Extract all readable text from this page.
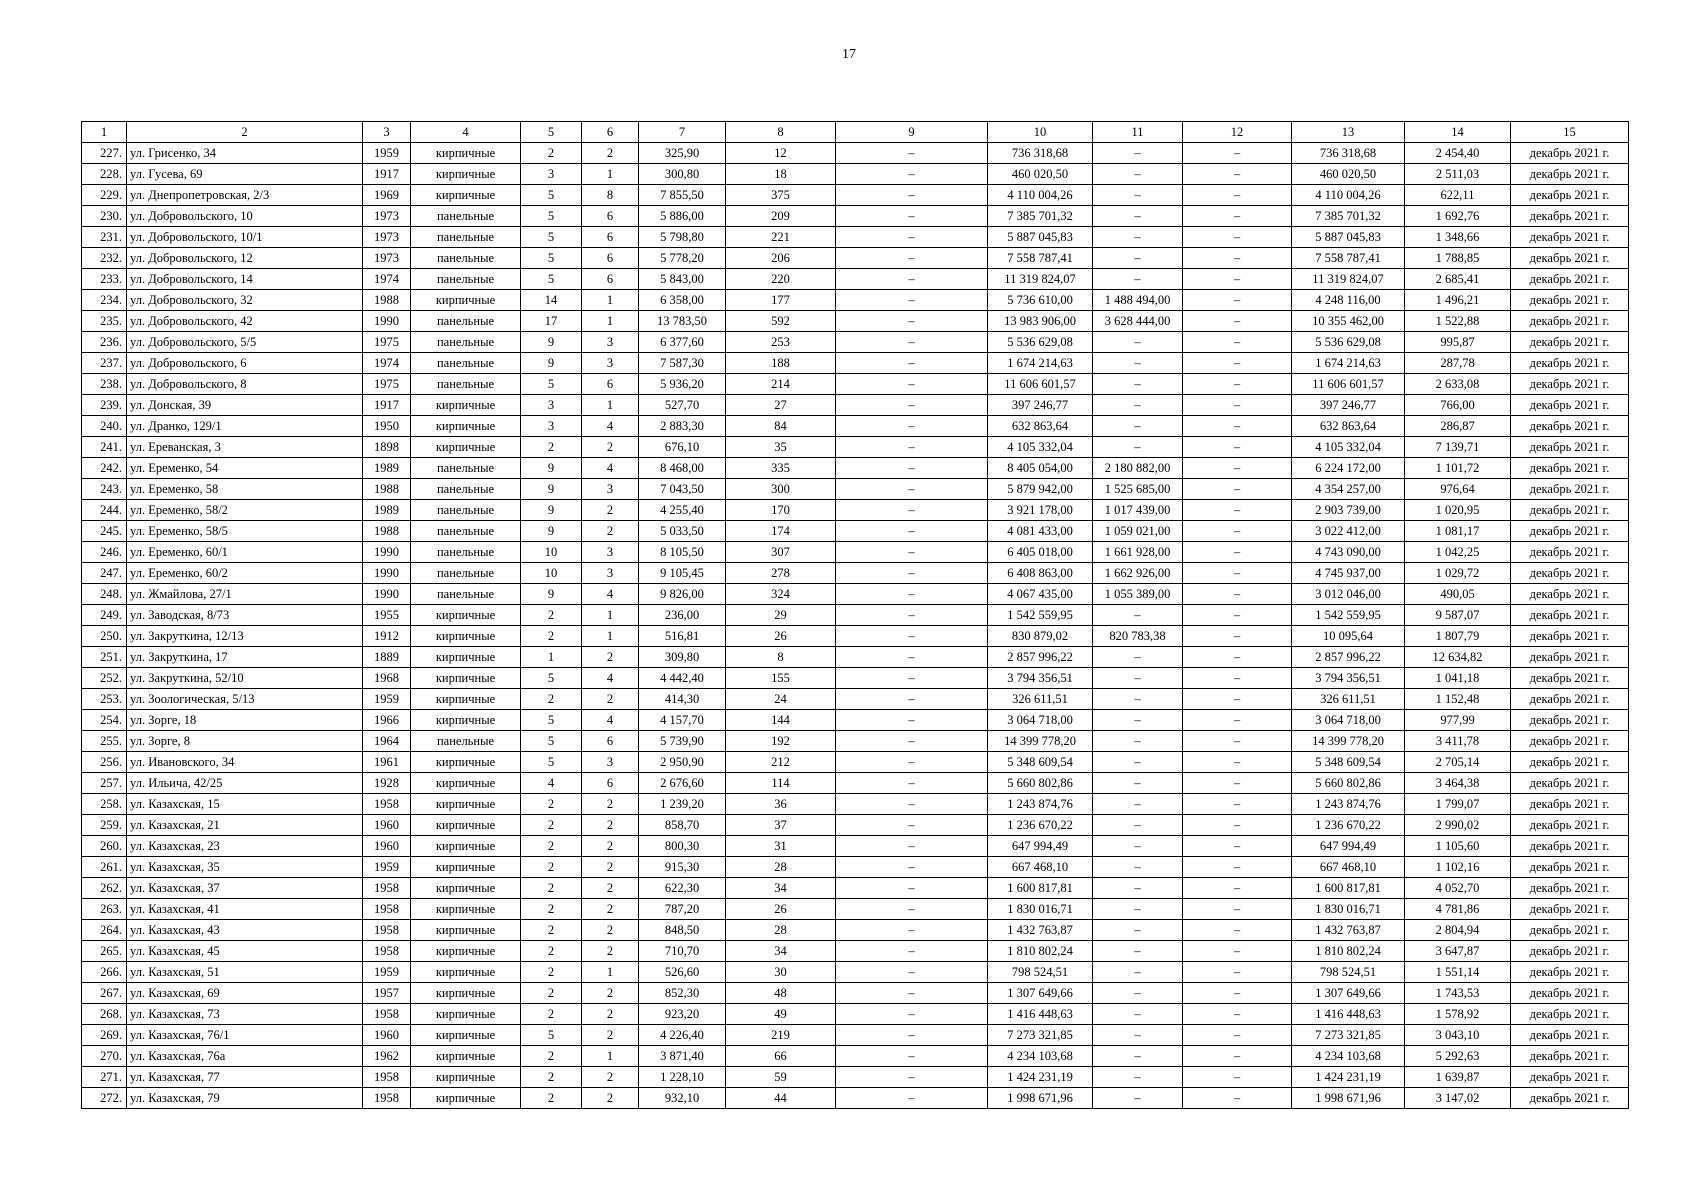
17
1	2	3	4	5	6	7	8	9	10	11	12	13	14	15
227.	ул. Грисенко, 34	1959	кирпичные	2	2	325,90	12	–	736 318,68	–	–	736 318,68	2 454,40	декабрь 2021 г.
228.	ул. Гусева, 69	1917	кирпичные	3	1	300,80	18	–	460 020,50	–	–	460 020,50	2 511,03	декабрь 2021 г.
229.	ул. Днепропетровская, 2/3	1969	кирпичные	5	8	7 855,50	375	–	4 110 004,26	–	–	4 110 004,26	622,11	декабрь 2021 г.
230.	ул. Добровольского, 10	1973	панельные	5	6	5 886,00	209	–	7 385 701,32	–	–	7 385 701,32	1 692,76	декабрь 2021 г.
231.	ул. Добровольского, 10/1	1973	панельные	5	6	5 798,80	221	–	5 887 045,83	–	–	5 887 045,83	1 348,66	декабрь 2021 г.
232.	ул. Добровольского, 12	1973	панельные	5	6	5 778,20	206	–	7 558 787,41	–	–	7 558 787,41	1 788,85	декабрь 2021 г.
233.	ул. Добровольского, 14	1974	панельные	5	6	5 843,00	220	–	11 319 824,07	–	–	11 319 824,07	2 685,41	декабрь 2021 г.
234.	ул. Добровольского, 32	1988	кирпичные	14	1	6 358,00	177	–	5 736 610,00	1 488 494,00	–	4 248 116,00	1 496,21	декабрь 2021 г.
235.	ул. Добровольского, 42	1990	панельные	17	1	13 783,50	592	–	13 983 906,00	3 628 444,00	–	10 355 462,00	1 522,88	декабрь 2021 г.
236.	ул. Добровольского, 5/5	1975	панельные	9	3	6 377,60	253	–	5 536 629,08	–	–	5 536 629,08	995,87	декабрь 2021 г.
237.	ул. Добровольского, 6	1974	панельные	9	3	7 587,30	188	–	1 674 214,63	–	–	1 674 214,63	287,78	декабрь 2021 г.
238.	ул. Добровольского, 8	1975	панельные	5	6	5 936,20	214	–	11 606 601,57	–	–	11 606 601,57	2 633,08	декабрь 2021 г.
239.	ул. Донская, 39	1917	кирпичные	3	1	527,70	27	–	397 246,77	–	–	397 246,77	766,00	декабрь 2021 г.
240.	ул. Дранко, 129/1	1950	кирпичные	3	4	2 883,30	84	–	632 863,64	–	–	632 863,64	286,87	декабрь 2021 г.
241.	ул. Ереванская, 3	1898	кирпичные	2	2	676,10	35	–	4 105 332,04	–	–	4 105 332,04	7 139,71	декабрь 2021 г.
242.	ул. Еременко, 54	1989	панельные	9	4	8 468,00	335	–	8 405 054,00	2 180 882,00	–	6 224 172,00	1 101,72	декабрь 2021 г.
243.	ул. Еременко, 58	1988	панельные	9	3	7 043,50	300	–	5 879 942,00	1 525 685,00	–	4 354 257,00	976,64	декабрь 2021 г.
244.	ул. Еременко, 58/2	1989	панельные	9	2	4 255,40	170	–	3 921 178,00	1 017 439,00	–	2 903 739,00	1 020,95	декабрь 2021 г.
245.	ул. Еременко, 58/5	1988	панельные	9	2	5 033,50	174	–	4 081 433,00	1 059 021,00	–	3 022 412,00	1 081,17	декабрь 2021 г.
246.	ул. Еременко, 60/1	1990	панельные	10	3	8 105,50	307	–	6 405 018,00	1 661 928,00	–	4 743 090,00	1 042,25	декабрь 2021 г.
247.	ул. Еременко, 60/2	1990	панельные	10	3	9 105,45	278	–	6 408 863,00	1 662 926,00	–	4 745 937,00	1 029,72	декабрь 2021 г.
248.	ул. Жмайлова, 27/1	1990	панельные	9	4	9 826,00	324	–	4 067 435,00	1 055 389,00	–	3 012 046,00	490,05	декабрь 2021 г.
249.	ул. Заводская, 8/73	1955	кирпичные	2	1	236,00	29	–	1 542 559,95	–	–	1 542 559,95	9 587,07	декабрь 2021 г.
250.	ул. Закруткина, 12/13	1912	кирпичные	2	1	516,81	26	–	830 879,02	820 783,38	–	10 095,64	1 807,79	декабрь 2021 г.
251.	ул. Закруткина, 17	1889	кирпичные	1	2	309,80	8	–	2 857 996,22	–	–	2 857 996,22	12 634,82	декабрь 2021 г.
252.	ул. Закруткина, 52/10	1968	кирпичные	5	4	4 442,40	155	–	3 794 356,51	–	–	3 794 356,51	1 041,18	декабрь 2021 г.
253.	ул. Зоологическая, 5/13	1959	кирпичные	2	2	414,30	24	–	326 611,51	–	–	326 611,51	1 152,48	декабрь 2021 г.
254.	ул. Зорге, 18	1966	кирпичные	5	4	4 157,70	144	–	3 064 718,00	–	–	3 064 718,00	977,99	декабрь 2021 г.
255.	ул. Зорге, 8	1964	панельные	5	6	5 739,90	192	–	14 399 778,20	–	–	14 399 778,20	3 411,78	декабрь 2021 г.
256.	ул. Ивановского, 34	1961	кирпичные	5	3	2 950,90	212	–	5 348 609,54	–	–	5 348 609,54	2 705,14	декабрь 2021 г.
257.	ул. Ильича, 42/25	1928	кирпичные	4	6	2 676,60	114	–	5 660 802,86	–	–	5 660 802,86	3 464,38	декабрь 2021 г.
258.	ул. Казахская, 15	1958	кирпичные	2	2	1 239,20	36	–	1 243 874,76	–	–	1 243 874,76	1 799,07	декабрь 2021 г.
259.	ул. Казахская, 21	1960	кирпичные	2	2	858,70	37	–	1 236 670,22	–	–	1 236 670,22	2 990,02	декабрь 2021 г.
260.	ул. Казахская, 23	1960	кирпичные	2	2	800,30	31	–	647 994,49	–	–	647 994,49	1 105,60	декабрь 2021 г.
261.	ул. Казахская, 35	1959	кирпичные	2	2	915,30	28	–	667 468,10	–	–	667 468,10	1 102,16	декабрь 2021 г.
262.	ул. Казахская, 37	1958	кирпичные	2	2	622,30	34	–	1 600 817,81	–	–	1 600 817,81	4 052,70	декабрь 2021 г.
263.	ул. Казахская, 41	1958	кирпичные	2	2	787,20	26	–	1 830 016,71	–	–	1 830 016,71	4 781,86	декабрь 2021 г.
264.	ул. Казахская, 43	1958	кирпичные	2	2	848,50	28	–	1 432 763,87	–	–	1 432 763,87	2 804,94	декабрь 2021 г.
265.	ул. Казахская, 45	1958	кирпичные	2	2	710,70	34	–	1 810 802,24	–	–	1 810 802,24	3 647,87	декабрь 2021 г.
266.	ул. Казахская, 51	1959	кирпичные	2	1	526,60	30	–	798 524,51	–	–	798 524,51	1 551,14	декабрь 2021 г.
267.	ул. Казахская, 69	1957	кирпичные	2	2	852,30	48	–	1 307 649,66	–	–	1 307 649,66	1 743,53	декабрь 2021 г.
268.	ул. Казахская, 73	1958	кирпичные	2	2	923,20	49	–	1 416 448,63	–	–	1 416 448,63	1 578,92	декабрь 2021 г.
269.	ул. Казахская, 76/1	1960	кирпичные	5	2	4 226,40	219	–	7 273 321,85	–	–	7 273 321,85	3 043,10	декабрь 2021 г.
270.	ул. Казахская, 76а	1962	кирпичные	2	1	3 871,40	66	–	4 234 103,68	–	–	4 234 103,68	5 292,63	декабрь 2021 г.
271.	ул. Казахская, 77	1958	кирпичные	2	2	1 228,10	59	–	1 424 231,19	–	–	1 424 231,19	1 639,87	декабрь 2021 г.
272.	ул. Казахская, 79	1958	кирпичные	2	2	932,10	44	–	1 998 671,96	–	–	1 998 671,96	3 147,02	декабрь 2021 г.
